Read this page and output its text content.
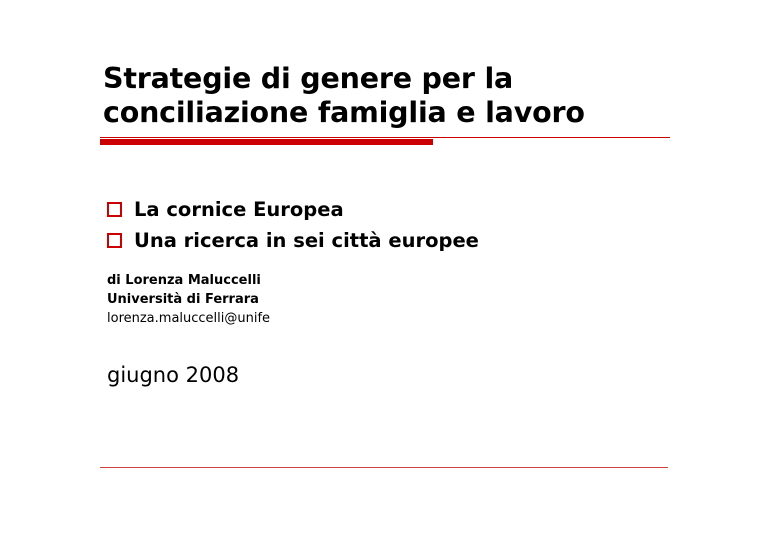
Strategie di genere per la
conciliazione famiglia e lavoro
La cornice Europea
Una ricerca in sei città europee
di Lorenza Maluccelli
Università di Ferrara
lorenza.maluccelli@unife
giugno 2008
